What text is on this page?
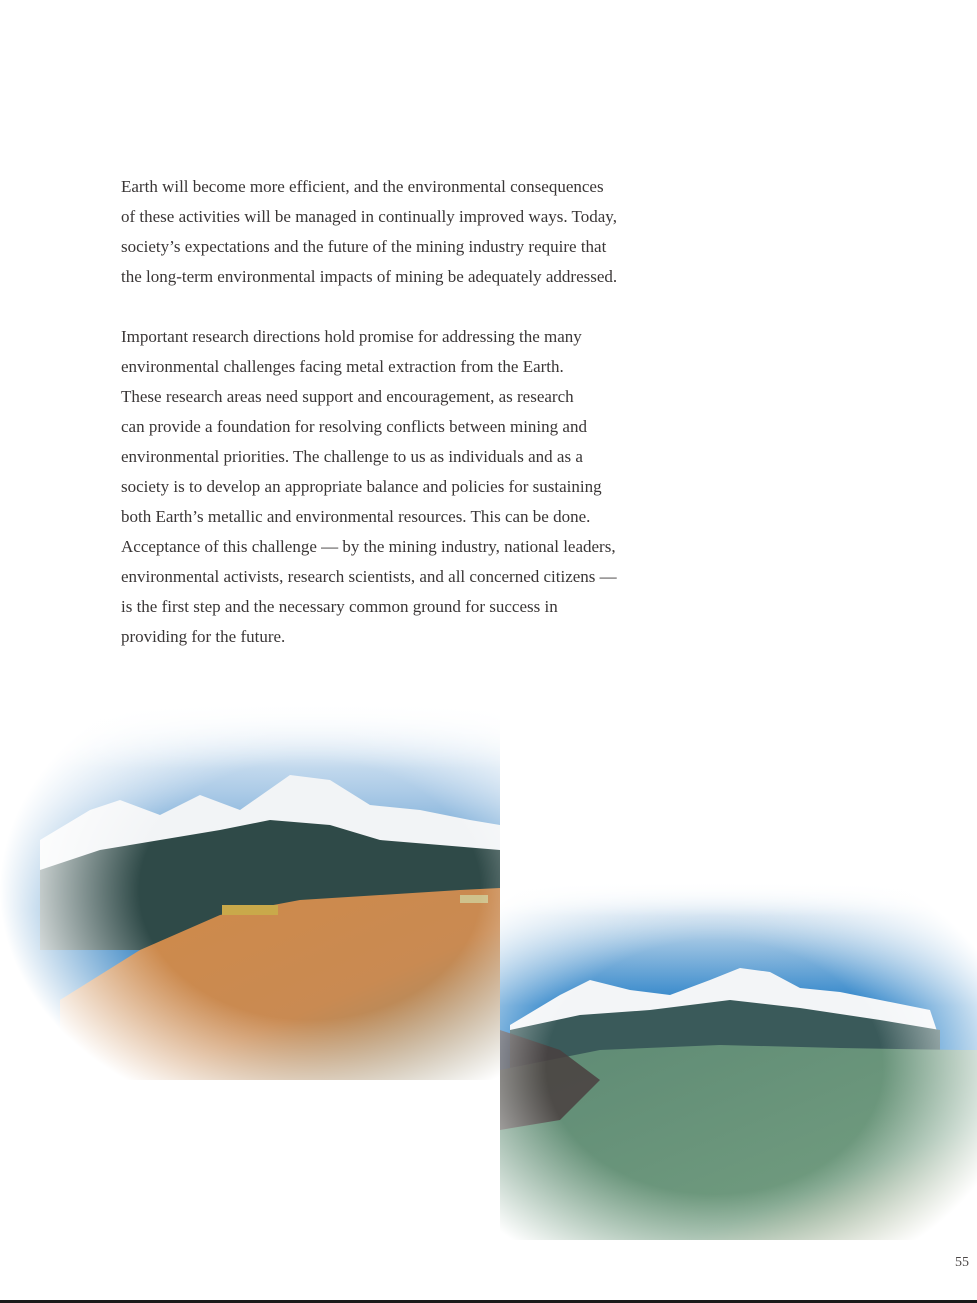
Earth will become more efficient, and the environmental consequences
of these activities will be managed in continually improved ways. Today,
society’s expectations and the future of the mining industry require that
the long-term environmental impacts of mining be adequately addressed.

Important research directions hold promise for addressing the many
environmental challenges facing metal extraction from the Earth.
These research areas need support and encouragement, as research
can provide a foundation for resolving conflicts between mining and
environmental priorities. The challenge to us as individuals and as a
society is to develop an appropriate balance and policies for sustaining
both Earth’s metallic and environmental resources. This can be done.
Acceptance of this challenge — by the mining industry, national leaders,
environmental activists, research scientists, and all concerned citizens —
is the first step and the necessary common ground for success in
providing for the future.

55
